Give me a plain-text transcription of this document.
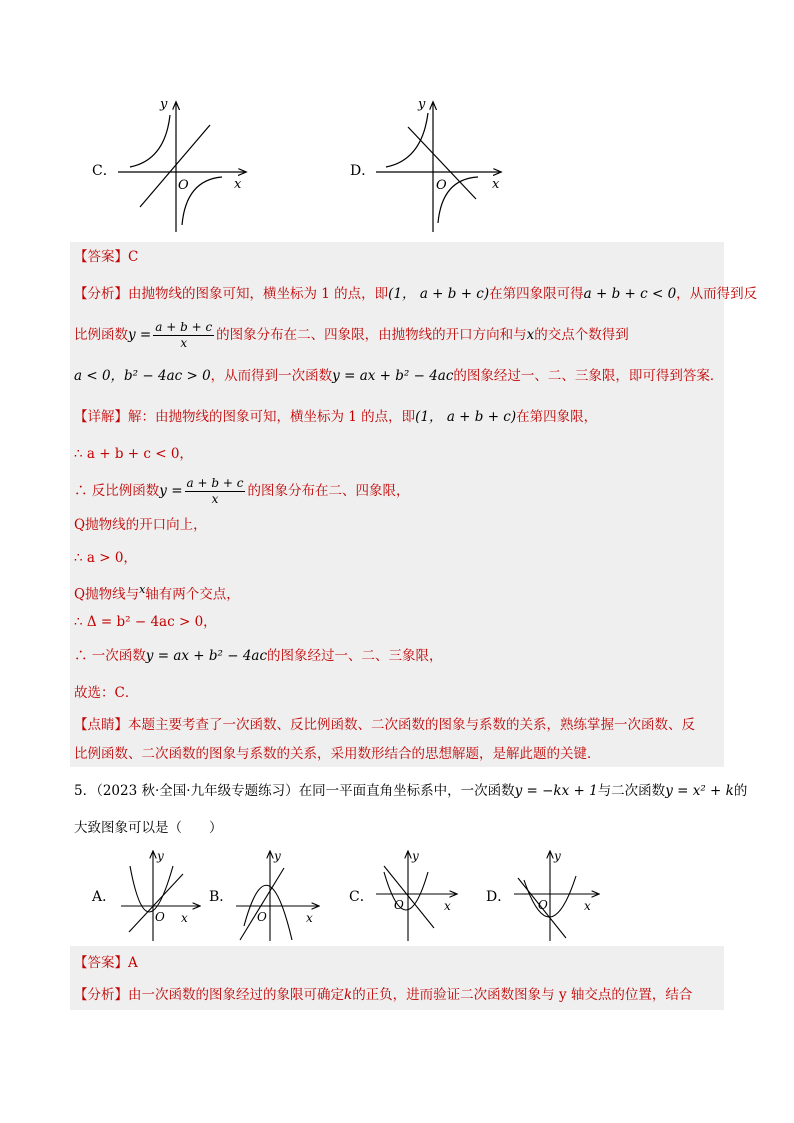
C．
y
O	x
D．
y
O	x
【答案】C
【分析】由抛物线的图象可知，横坐标为 1 的点，即(1， a + b + c)在第四象限可得a + b + c < 0，从而得到反
比例函数$y = \frac{a + b + c}{x}$ 的图象分布在二、四象限，由抛物线的开口方向和与x的交点个数得到
a < 0，b² − 4ac > 0，从而得到一次函数y = ax + b² − 4ac的图象经过一、二、三象限，即可得到答案．
【详解】解：由抛物线的图象可知，横坐标为 1 的点，即(1， a + b + c)在第四象限，
∴ a + b + c < 0，
∴ 反比例函数$y = \frac{a + b + c}{x}$ 的图象分布在二、四象限，
Q抛物线的开口向上，
∴ a > 0，
Q抛物线与$^x$轴有两个交点，
∴ Δ = b² − 4ac > 0，
∴ 一次函数y = ax + b² − 4ac的图象经过一、二、三象限，
故选：C．
【点睛】本题主要考查了一次函数、反比例函数、二次函数的图象与系数的关系，熟练掌握一次函数、反
比例函数、二次函数的图象与系数的关系，采用数形结合的思想解题，是解此题的关键．
5．（2023 秋·全国·九年级专题练习）在同一平面直角坐标系中，一次函数y = −kx + 1与二次函数y = x² + k的
大致图象可以是（　　）
A．
y
O x
B．
y
O	x
C．
y
O	x
D．
y
O	x
【答案】A
【分析】由一次函数的图象经过的象限可确定k的正负，进而验证二次函数图象与 y 轴交点的位置，结合
